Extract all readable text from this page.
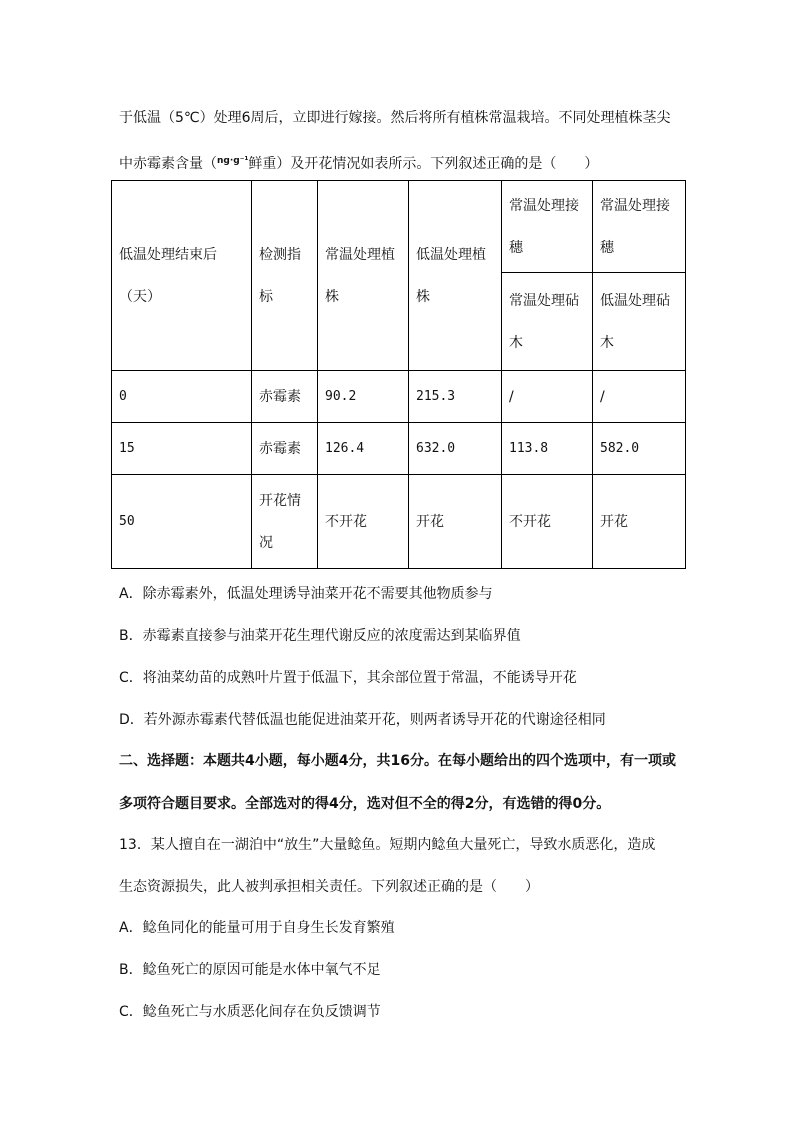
于低温（5℃）处理6周后，立即进行嫁接。然后将所有植株常温栽培。不同处理植株茎尖
中赤霉素含量（$^{ng\cdot g^{-1}}$鲜重）及开花情况如表所示。下列叙述正确的是（　　）
低温处理结束后（天）	检测指标	常温处理植株	低温处理植株	常温处理接穗	常温处理接穗
				常温处理砧木	低温处理砧木
0	赤霉素	90.2	215.3	/	/
15	赤霉素	126.4	632.0	113.8	582.0
50	开花情况	不开花	开花	不开花	开花
A．除赤霉素外，低温处理诱导油菜开花不需要其他物质参与
B．赤霉素直接参与油菜开花生理代谢反应的浓度需达到某临界值
C．将油菜幼苗的成熟叶片置于低温下，其余部位置于常温，不能诱导开花
D．若外源赤霉素代替低温也能促进油菜开花，则两者诱导开花的代谢途径相同
二、选择题：本题共4小题，每小题4分，共16分。在每小题给出的四个选项中，有一项或
多项符合题目要求。全部选对的得4分，选对但不全的得2分，有选错的得0分。
13．某人擅自在一湖泊中“放生”大量鲶鱼。短期内鲶鱼大量死亡，导致水质恶化，造成
生态资源损失，此人被判承担相关责任。下列叙述正确的是（　　）
A．鲶鱼同化的能量可用于自身生长发育繁殖
B．鲶鱼死亡的原因可能是水体中氧气不足
C．鲶鱼死亡与水质恶化间存在负反馈调节
